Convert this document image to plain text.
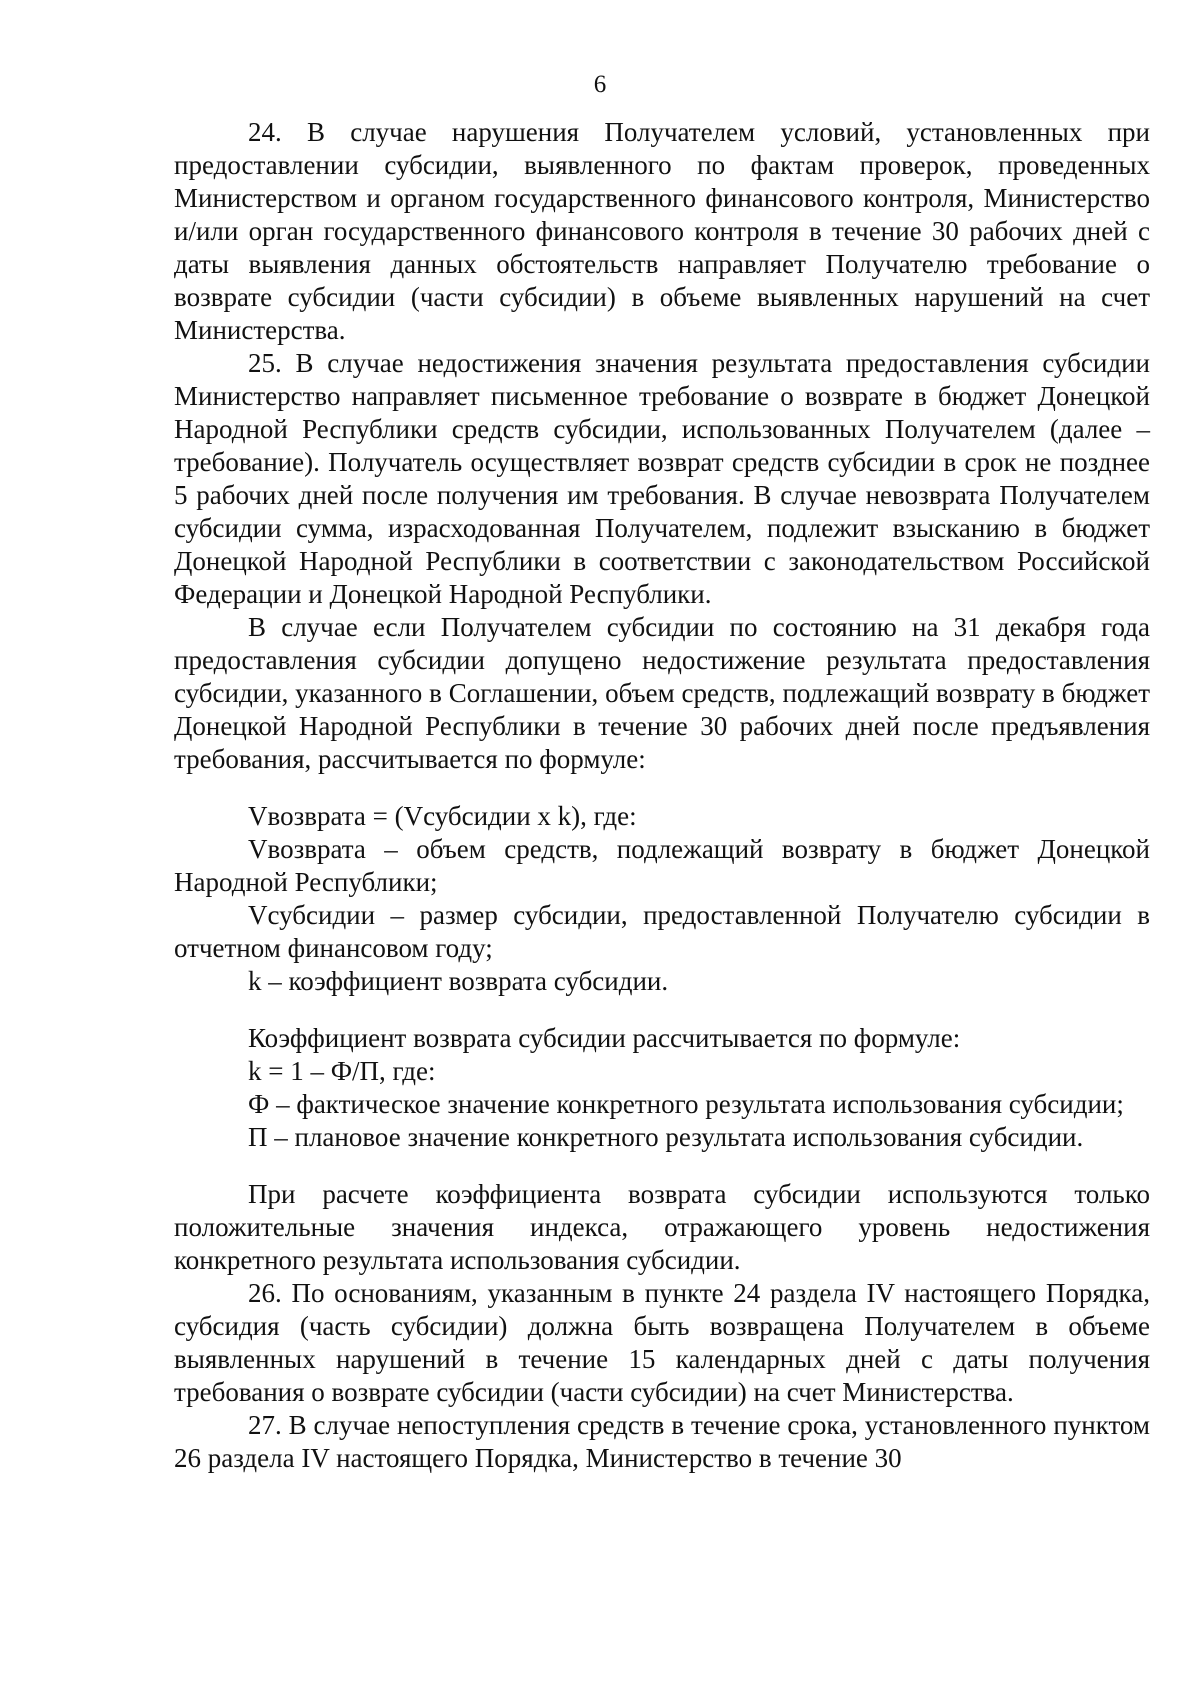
6

24. В случае нарушения Получателем условий, установленных при предоставлении субсидии, выявленного по фактам проверок, проведенных Министерством и органом государственного финансового контроля, Министерство и/или орган государственного финансового контроля в течение 30 рабочих дней с даты выявления данных обстоятельств направляет Получателю требование о возврате субсидии (части субсидии) в объеме выявленных нарушений на счет Министерства.

25. В случае недостижения значения результата предоставления субсидии Министерство направляет письменное требование о возврате в бюджет Донецкой Народной Республики средств субсидии, использованных Получателем (далее – требование). Получатель осуществляет возврат средств субсидии в срок не позднее 5 рабочих дней после получения им требования. В случае невозврата Получателем субсидии сумма, израсходованная Получателем, подлежит взысканию в бюджет Донецкой Народной Республики в соответствии с законодательством Российской Федерации и Донецкой Народной Республики.

В случае если Получателем субсидии по состоянию на 31 декабря года предоставления субсидии допущено недостижение результата предоставления субсидии, указанного в Соглашении, объем средств, подлежащий возврату в бюджет Донецкой Народной Республики в течение 30 рабочих дней после предъявления требования, рассчитывается по формуле:

Vвозврата = (Vсубсидии x k), где:

Vвозврата – объем средств, подлежащий возврату в бюджет Донецкой Народной Республики;

Vсубсидии – размер субсидии, предоставленной Получателю субсидии в отчетном финансовом году;

k – коэффициент возврата субсидии.

Коэффициент возврата субсидии рассчитывается по формуле:

k = 1 – Ф/П, где:

Ф – фактическое значение конкретного результата использования субсидии;

П – плановое значение конкретного результата использования субсидии.

При расчете коэффициента возврата субсидии используются только положительные значения индекса, отражающего уровень недостижения конкретного результата использования субсидии.

26. По основаниям, указанным в пункте 24 раздела IV настоящего Порядка, субсидия (часть субсидии) должна быть возвращена Получателем в объеме выявленных нарушений в течение 15 календарных дней с даты получения требования о возврате субсидии (части субсидии) на счет Министерства.

27. В случае непоступления средств в течение срока, установленного пунктом 26 раздела IV настоящего Порядка, Министерство в течение 30
